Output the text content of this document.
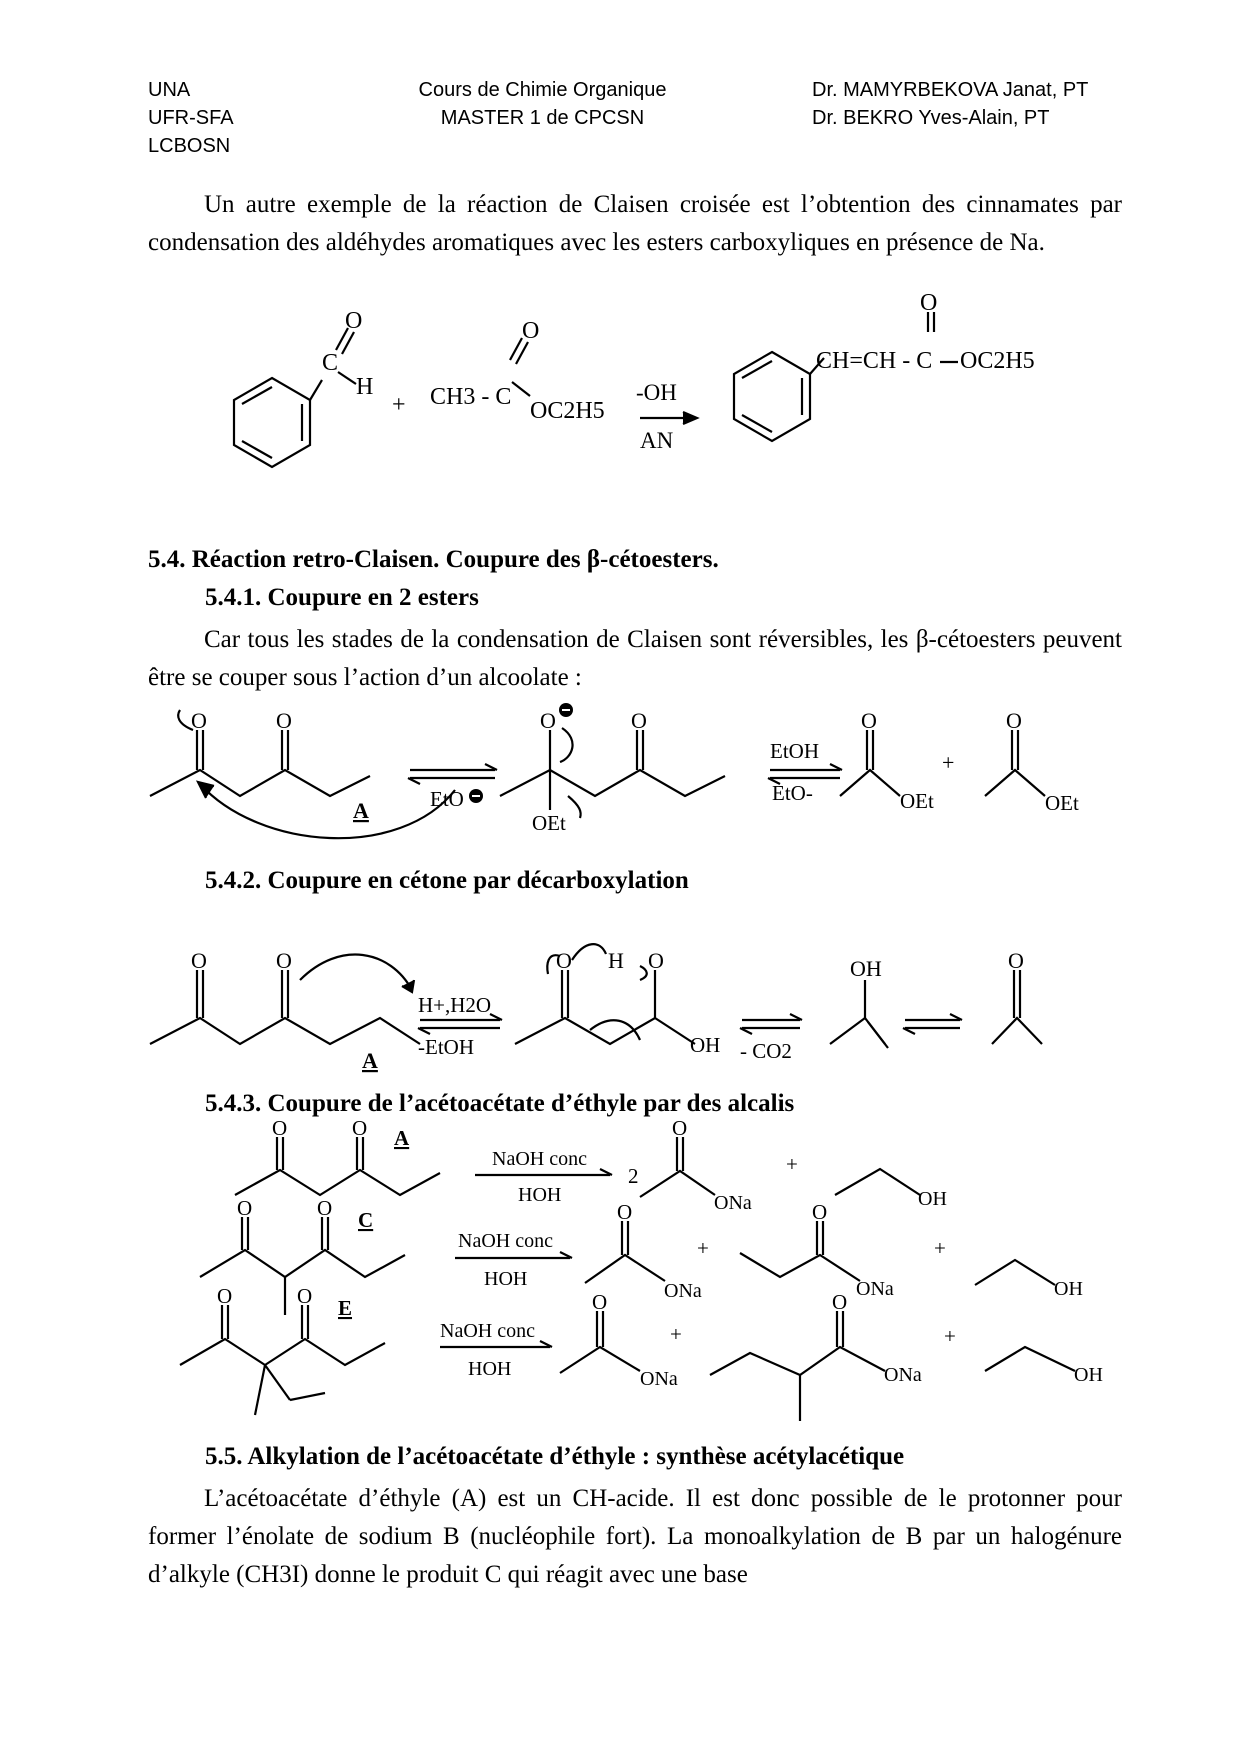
UNA
UFR-SFA
LCBOSN
Cours de Chimie Organique
MASTER 1 de CPCSN
Dr. MAMYRBEKOVA Janat, PT
Dr. BEKRO Yves-Alain, PT
Un autre exemple de la réaction de Claisen croisée est l’obtention des cinnamates par condensation des aldéhydes aromatiques avec les esters carboxyliques en présence de Na.
O
C
H
+ CH3 - C
O
OC2H5
-OH
AN
CH=CH - C
O
OC2H5
5.4. Réaction retro-Claisen. Coupure des β-cétoesters.
5.4.1. Coupure en 2 esters
Car tous les stades de la condensation de Claisen sont réversibles, les β-cétoesters peuvent être se couper sous l’action d’un alcoolate :
O	O
A	EtO
O	O
OEt
EtOH
EtO-
O
OEt
+
O
OEt
5.4.2. Coupure en cétone par décarboxylation
O	O
H+,H2O
-EtOH
A
O H O
OH - CO2
OH	O
5.4.3. Coupure de l’acétoacétate d’éthyle par des alcalis
O	O A
NaOH conc
HOH
2
O
ONa
+
OH
O	O C
NaOH conc
HOH
O
ONa
+
O
ONa
+
OH
O	O E
NaOH conc
HOH
O
ONa
+
O
ONa
+
OH
5.5. Alkylation de l’acétoacétate d’éthyle : synthèse acétylacétique
L’acétoacétate d’éthyle (A) est un CH-acide. Il est donc possible de le protonner pour former l’énolate de sodium B (nucléophile fort). La monoalkylation de B par un halogénure d’alkyle (CH3I) donne le produit C qui réagit avec une base
